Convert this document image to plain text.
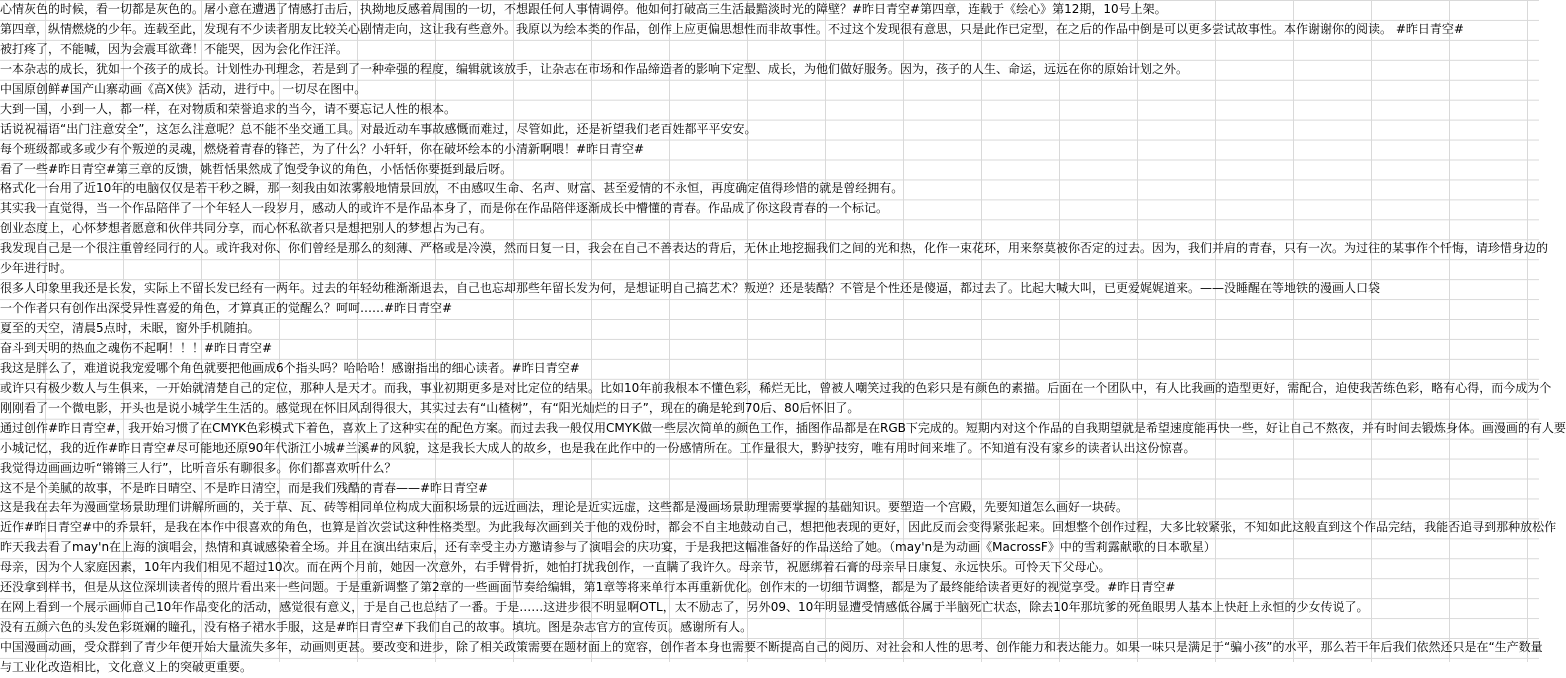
心情灰色的时候，看一切都是灰色的。屠小意在遭遇了情感打击后，执拗地反感着周围的一切，不想跟任何人事情调停。他如何打破高三生活最黯淡时光的障壁？#昨日青空#第四章，连载于《绘心》第12期，10号上架。
第四章，纵情燃烧的少年。连载至此，发现有不少读者朋友比较关心剧情走向，这让我有些意外。我原以为绘本类的作品，创作上应更偏思想性而非故事性。不过这个发现很有意思，只是此作已定型，在之后的作品中倒是可以更多尝试故事性。本作谢谢你的阅读。 #昨日青空#
被打疼了，不能喊，因为会震耳欲聋！不能哭，因为会化作汪洋。
一本杂志的成长，犹如一个孩子的成长。计划性办刊理念，若是到了一种牵强的程度，编辑就该放手，让杂志在市场和作品缔造者的影响下定型、成长，为他们做好服务。因为，孩子的人生、命运，远远在你的原始计划之外。
中国原创鲜#国产山寨动画《高X侠》活动，进行中。一切尽在图中。
大到一国，小到一人，都一样，在对物质和荣誉追求的当今，请不要忘记人性的根本。
话说祝福语“出门注意安全”，这怎么注意呢？总不能不坐交通工具。对最近动车事故感慨而难过，尽管如此，还是祈望我们老百姓都平平安安。
每个班级都或多或少有个叛逆的灵魂，燃烧着青春的锋芒，为了什么？小轩轩，你在破坏绘本的小清新啊喂！#昨日青空#
看了一些#昨日青空#第三章的反馈，姚哲恬果然成了饱受争议的角色，小恬恬你要挺到最后呀。
格式化一台用了近10年的电脑仅仅是若干秒之瞬，那一刻我由如浓雾般地情景回放，不由感叹生命、名声、财富、甚至爱情的不永恒，再度确定值得珍惜的就是曾经拥有。
其实我一直觉得，当一个作品陪伴了一个年轻人一段岁月，感动人的或许不是作品本身了，而是你在作品陪伴逐渐成长中懵懂的青春。作品成了你这段青春的一个标记。
创业态度上，心怀梦想者愿意和伙伴共同分享，而心怀私欲者只是想把别人的梦想占为己有。
我发现自己是一个很注重曾经同行的人。或许我对你、你们曾经是那么的刻薄、严格或是冷漠，然而日复一日，我会在自己不善表达的背后，无休止地挖掘我们之间的光和热，化作一束花环，用来祭莫被你否定的过去。因为，我们并肩的青春，只有一次。为过往的某事作个忏悔，请珍惜身边的
少年进行时。
很多人印象里我还是长发，实际上不留长发已经有一两年。过去的年轻幼稚渐渐退去，自己也忘却那些年留长发为何，是想证明自己搞艺术？叛逆？还是装酷？不管是个性还是傻逼，都过去了。比起大喊大叫，已更爱娓娓道来。——没睡醒在等地铁的漫画人口袋
一个作者只有创作出深受异性喜爱的角色，才算真正的觉醒么？呵呵……#昨日青空#
夏至的天空，清晨5点时，未眠，窗外手机随拍。
奋斗到天明的热血之魂伤不起啊！！！#昨日青空#
我这是胖么了，难道说我宠爱哪个角色就要把他画成6个指头吗？哈哈哈！感谢指出的细心读者。#昨日青空#
或许只有极少数人与生俱来，一开始就清楚自己的定位，那种人是天才。而我，事业初期更多是对比定位的结果。比如10年前我根本不懂色彩，稀烂无比，曾被人嘲笑过我的色彩只是有颜色的素描。后面在一个团队中，有人比我画的造型更好，需配合，迫使我苦练色彩，略有心得，而今成为个
刚刚看了一个微电影，开头也是说小城学生生活的。感觉现在怀旧风刮得很大，其实过去有“山楂树”，有“阳光灿烂的日子”，现在的确是轮到70后、80后怀旧了。
通过创作#昨日青空#，我开始习惯了在CMYK色彩模式下着色，喜欢上了这种实在的配色方案。而过去我一般仅用CMYK做一些层次简单的颜色工作，插图作品都是在RGB下完成的。短期内对这个作品的自我期望就是希望速度能再快一些，好让自己不熬夜，并有时间去锻炼身体。画漫画的有人要
小城记忆，我的近作#昨日青空#尽可能地还原90年代浙江小城#兰溪#的风貌，这是我长大成人的故乡，也是我在此作中的一份感情所在。工作量很大，黔驴技穷，唯有用时间来堆了。不知道有没有家乡的读者认出这份惊喜。
我觉得边画画边听“锵锵三人行”，比听音乐有聊很多。你们都喜欢听什么？
这不是个美腻的故事，不是昨日晴空、不是昨日清空，而是我们残酷的青春——#昨日青空#
这是我在去年为漫画堂场景助理们讲解所画的，关于草、瓦、砖等相同单位构成大面积场景的远近画法，理论是近实远虚，这些都是漫画场景助理需要掌握的基础知识。要塑造一个宫殿，先要知道怎么画好一块砖。
近作#昨日青空#中的乔景轩，是我在本作中很喜欢的角色，也算是首次尝试这种性格类型。为此我每次画到关于他的戏份时，都会不自主地鼓动自己，想把他表现的更好，因此反而会变得紧张起来。回想整个创作过程，大多比较紧张，不知如此这般直到这个作品完结，我能否追寻到那种放松作
昨天我去看了may'n在上海的演唱会，热情和真诚感染着全场。并且在演出结束后，还有幸受主办方邀请参与了演唱会的庆功宴，于是我把这幅准备好的作品送给了她。（may'n是为动画《MacrossF》中的雪莉露献歌的日本歌星）
母亲，因为个人家庭因素，10年内我们相见不超过10次。而在两个月前，她因一次意外，右手臂骨折，她怕打扰我创作，一直瞒了我许久。母亲节，祝愿绑着石膏的母亲早日康复、永远快乐。可怜天下父母心。
还没拿到样书，但是从这位深圳读者传的照片看出来一些问题。于是重新调整了第2章的一些画面节奏给编辑，第1章等将来单行本再重新优化。创作末的一切细节调整，都是为了最终能给读者更好的视觉享受。#昨日青空#
在网上看到一个展示画师自己10年作品变化的活动，感觉很有意义，于是自己也总结了一番。于是……这进步很不明显啊OTL，太不励志了，另外09、10年明显遭受情感低谷属于半脑死亡状态，除去10年那坑爹的死鱼眼男人基本上快赶上永恒的少女传说了。
没有五颜六色的头发色彩斑斓的瞳孔，没有格子裙水手服，这是#昨日青空#下我们自己的故事。填坑。图是杂志官方的宣传页。感谢所有人。
中国漫画动画，受众群到了青少年便开始大量流失多年，动画则更甚。要改变和进步，除了相关政策需要在题材面上的宽容，创作者本身也需要不断提高自己的阅历、对社会和人性的思考、创作能力和表达能力。如果一味只是满足于“骗小孩”的水平，那么若干年后我们依然还只是在“生产数量
与工业化改造相比，文化意义上的突破更重要。
